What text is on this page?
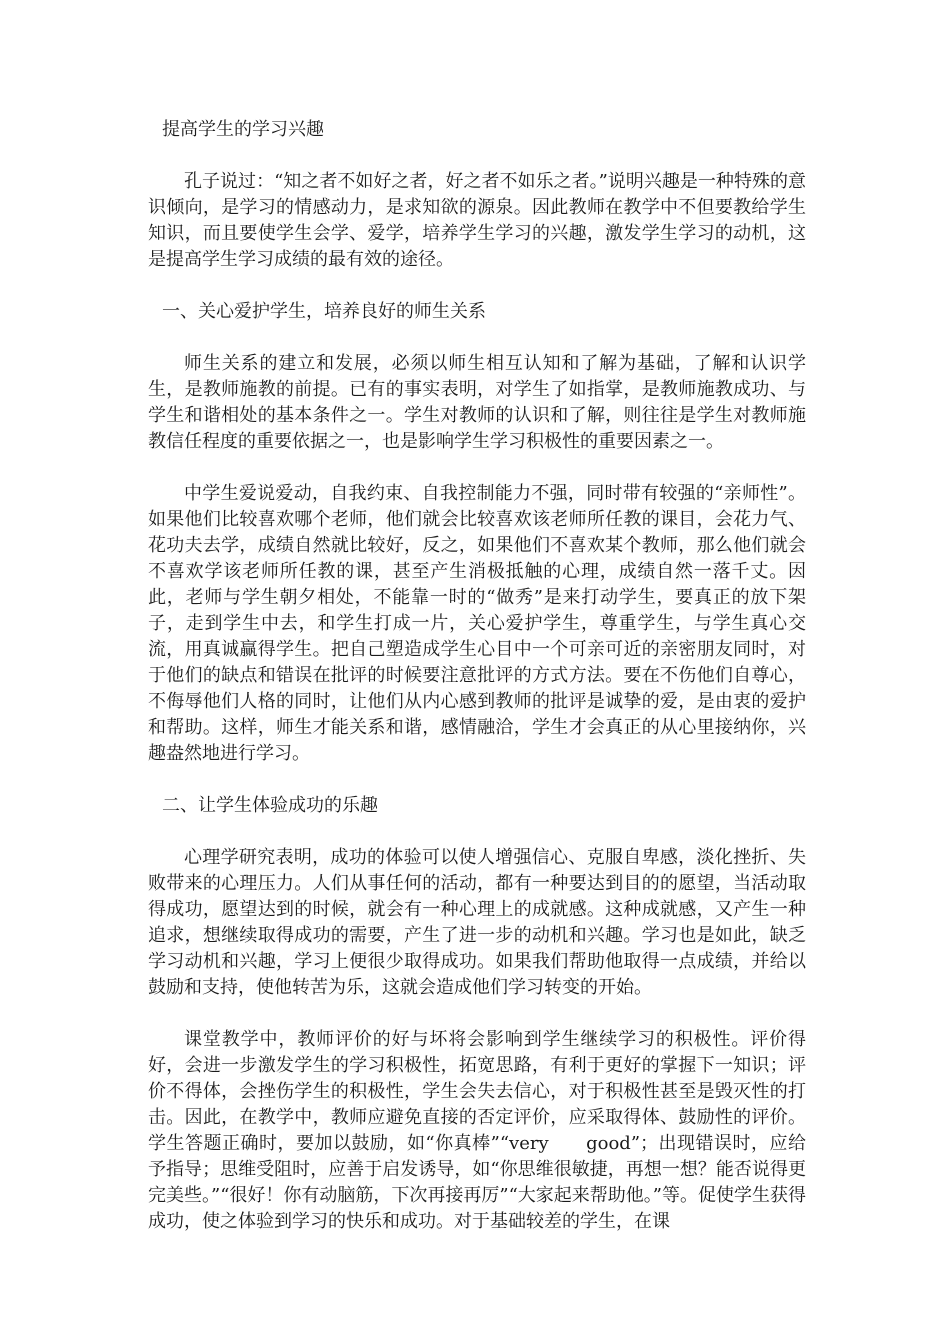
提高学生的学习兴趣

孔子说过：“知之者不如好之者，好之者不如乐之者。”说明兴趣是一种特殊的意识倾向，是学习的情感动力，是求知欲的源泉。因此教师在教学中不但要教给学生知识，而且要使学生会学、爱学，培养学生学习的兴趣，激发学生学习的动机，这是提高学生学习成绩的最有效的途径。

一、关心爱护学生，培养良好的师生关系

师生关系的建立和发展，必须以师生相互认知和了解为基础，了解和认识学生，是教师施教的前提。已有的事实表明，对学生了如指掌，是教师施教成功、与学生和谐相处的基本条件之一。学生对教师的认识和了解，则往往是学生对教师施教信任程度的重要依据之一，也是影响学生学习积极性的重要因素之一。

中学生爱说爱动，自我约束、自我控制能力不强，同时带有较强的“亲师性”。如果他们比较喜欢哪个老师，他们就会比较喜欢该老师所任教的课目，会花力气、花功夫去学，成绩自然就比较好，反之，如果他们不喜欢某个教师，那么他们就会不喜欢学该老师所任教的课，甚至产生消极抵触的心理，成绩自然一落千丈。因此，老师与学生朝夕相处，不能靠一时的“做秀”是来打动学生，要真正的放下架子，走到学生中去，和学生打成一片，关心爱护学生，尊重学生，与学生真心交流，用真诚赢得学生。把自己塑造成学生心目中一个可亲可近的亲密朋友同时，对于他们的缺点和错误在批评的时候要注意批评的方式方法。要在不伤他们自尊心，不侮辱他们人格的同时，让他们从内心感到教师的批评是诚挚的爱，是由衷的爱护和帮助。这样，师生才能关系和谐，感情融洽，学生才会真正的从心里接纳你，兴趣盎然地进行学习。

二、让学生体验成功的乐趣

心理学研究表明，成功的体验可以使人增强信心、克服自卑感，淡化挫折、失败带来的心理压力。人们从事任何的活动，都有一种要达到目的的愿望，当活动取得成功，愿望达到的时候，就会有一种心理上的成就感。这种成就感，又产生一种追求，想继续取得成功的需要，产生了进一步的动机和兴趣。学习也是如此，缺乏学习动机和兴趣，学习上便很少取得成功。如果我们帮助他取得一点成绩，并给以鼓励和支持，使他转苦为乐，这就会造成他们学习转变的开始。

课堂教学中，教师评价的好与坏将会影响到学生继续学习的积极性。评价得好，会进一步激发学生的学习积极性，拓宽思路，有利于更好的掌握下一知识；评价不得体，会挫伤学生的积极性，学生会失去信心，对于积极性甚至是毁灭性的打击。因此，在教学中，教师应避免直接的否定评价，应采取得体、鼓励性的评价。学生答题正确时，要加以鼓励，如“你真棒”“very　　good”；出现错误时，应给予指导；思维受阻时，应善于启发诱导，如“你思维很敏捷，再想一想？能否说得更完美些。”“很好！你有动脑筋，下次再接再厉”“大家起来帮助他。”等。促使学生获得成功，使之体验到学习的快乐和成功。对于基础较差的学生，在课
